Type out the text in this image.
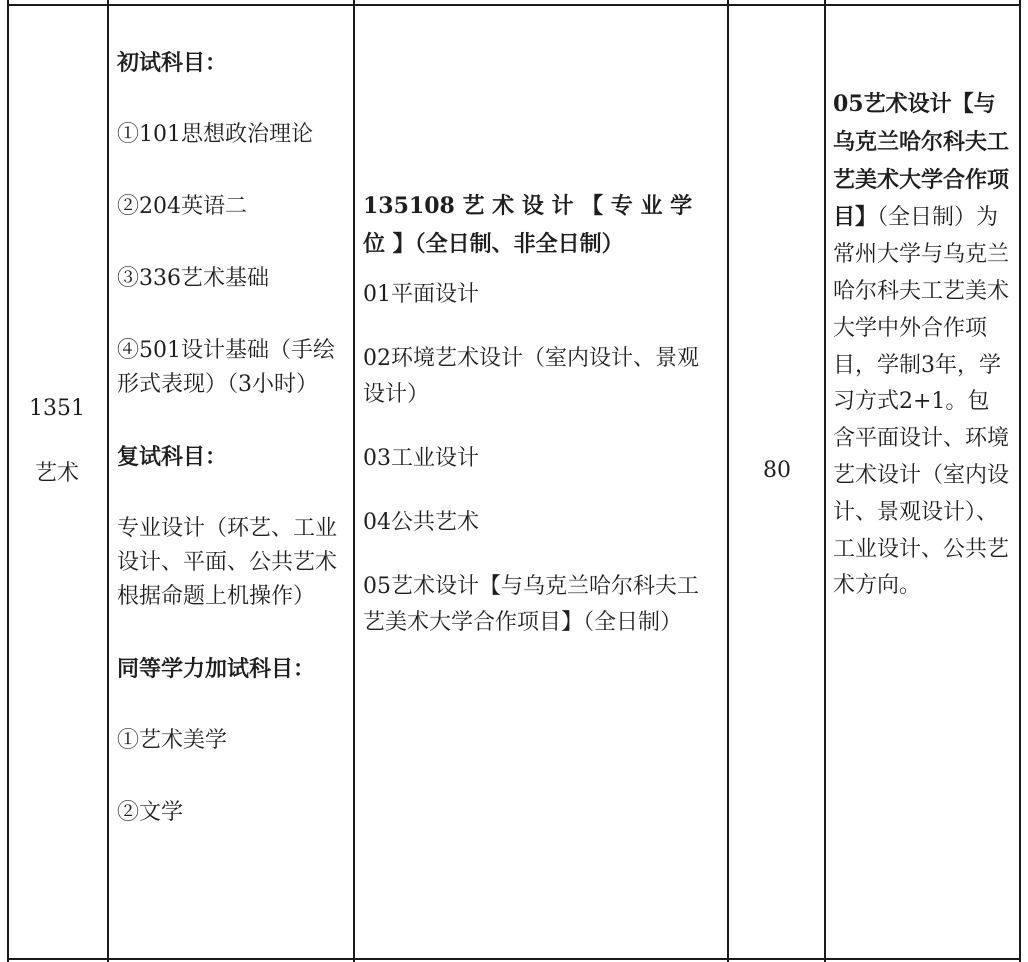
1351

艺术

初试科目：

①101思想政治理论

②204英语二

③336艺术基础

④501设计基础（手绘形式表现）（3小时）

复试科目：

专业设计（环艺、工业设计、平面、公共艺术根据命题上机操作）

同等学力加试科目：

①艺术美学

②文学

135108 艺 术 设 计 【 专 业 学 位 】（全日制、非全日制）

01平面设计

02环境艺术设计（室内设计、景观设计）

03工业设计

04公共艺术

05艺术设计【与乌克兰哈尔科夫工艺美术大学合作项目】（全日制）

80
05艺术设计【与乌克兰哈尔科夫工艺美术大学合作项目】（全日制）为常州大学与乌克兰哈尔科夫工艺美术大学中外合作项目，学制3年，学习方式2+1。包含平面设计、环境艺术设计（室内设计、景观设计）、工业设计、公共艺术方向。
